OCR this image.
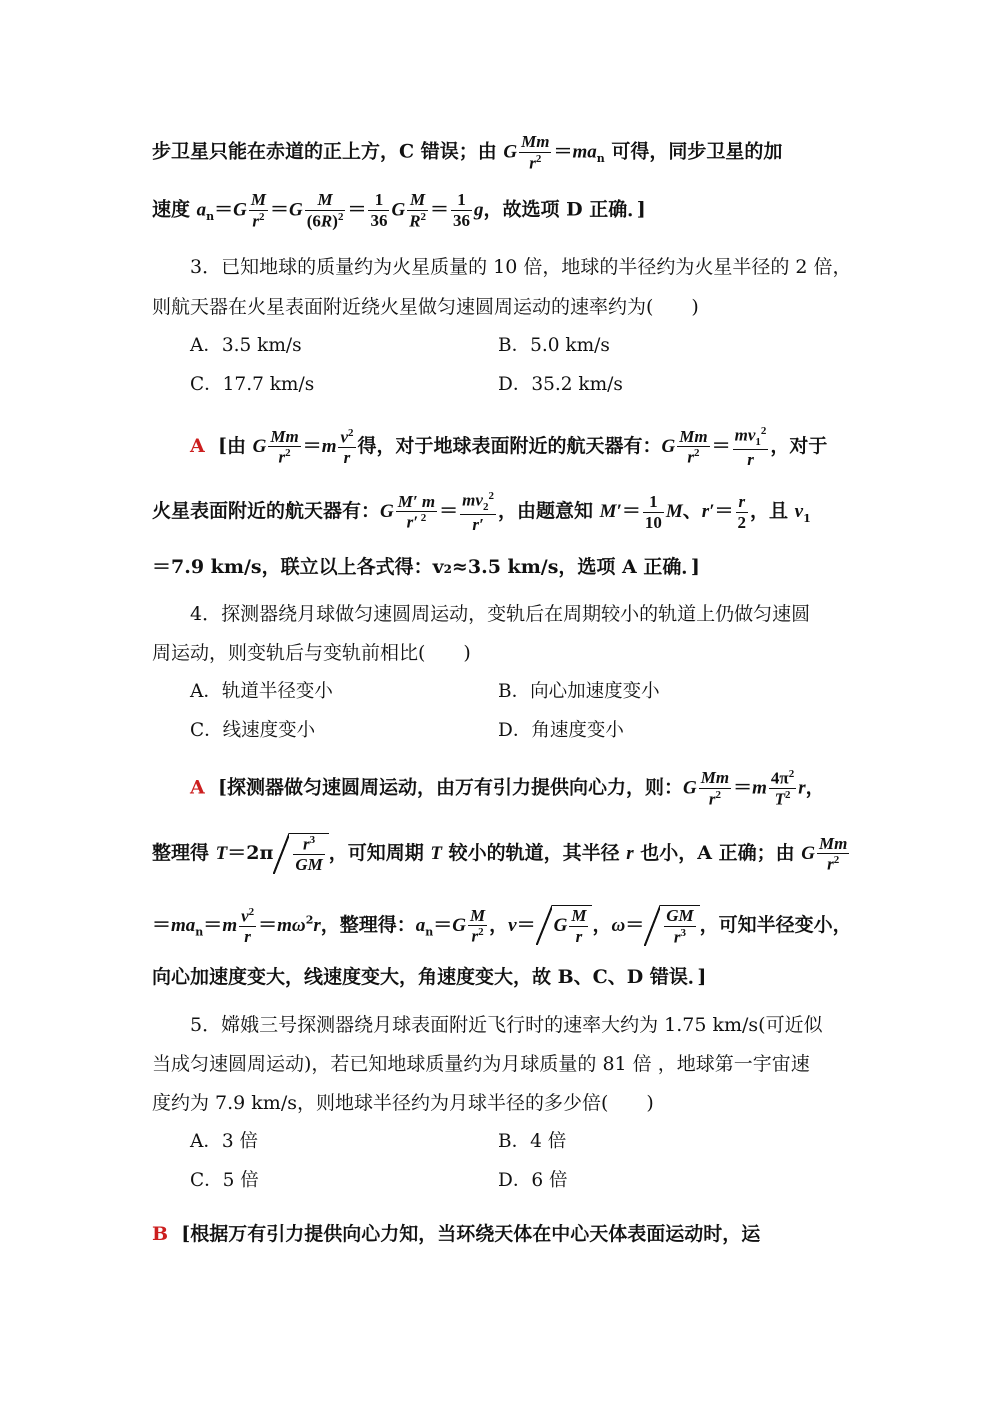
步卫星只能在赤道的正上方，C 错误；由 G $\frac{Mm}{r^2} =ma_n$ 可得，同步卫星的加
速度 $a_n=G \frac{M}{r^2} =G \frac{M}{(6R)^2} = \frac{1}{36}$ G $\frac{M}{R^2} = \frac{1}{36}$ g，故选项 D 正确．]
3．已知地球的质量约为火星质量的 10 倍，地球的半径约为火星半径的 2 倍，
则航天器在火星表面附近绕火星做匀速圆周运动的速率约为(　　)
A．3.5 km/s	B．5.0 km/s
C．17.7 km/s	D．35.2 km/s
A [由 G $\frac{Mm}{r^2} =m \frac{v^2}{r}$ 得，对于地球表面附近的航天器有：G $\frac{Mm}{r^2} = \frac{mv_1^2}{r}$ ，对于
火星表面附近的航天器有：G $\frac{M' m}{r' ^2} = \frac{mv_2^2}{r'}$ ，由题意知 $M'= \frac{1}{10}$ M、$r'= \frac{r}{2}$ ，且 $v_1$
＝7.9 km/s，联立以上各式得：v₂≈3.5 km/s，选项 A 正确．]
4．探测器绕月球做匀速圆周运动，变轨后在周期较小的轨道上仍做匀速圆
周运动，则变轨后与变轨前相比(　　)
A．轨道半径变小	B．向心加速度变小
C．线速度变小	D．角速度变小
A [探测器做匀速圆周运动，由万有引力提供向心力，则：G $\frac{Mm}{r^2} =m \frac{4\pi^2}{T^2}$ r，
整理得 $T=2\pi \frac{r^3}{GM}$ ，可知周期 T 较小的轨道，其半径 r 也小，A 正确；由 G $\frac{Mm}{r^2}$
$=ma_n=m \frac{v^2}{r} =m\omega^2r$，整理得：$a_n=G \frac{M}{r^2}$ ，v＝ G $\frac{M}{r}$ ，$\omega= \frac{GM}{r^3}$ ，可知半径变小，
向心加速度变大，线速度变大，角速度变大，故 B、C、D 错误．]
5．嫦娥三号探测器绕月球表面附近飞行时的速率大约为 1.75 km/s(可近似
当成匀速圆周运动)，若已知地球质量约为月球质量的 81 倍 ，地球第一宇宙速
度约为 7.9 km/s，则地球半径约为月球半径的多少倍(　　)
A．3 倍	B．4 倍
C．5 倍	D．6 倍
B [根据万有引力提供向心力知，当环绕天体在中心天体表面运动时，运
